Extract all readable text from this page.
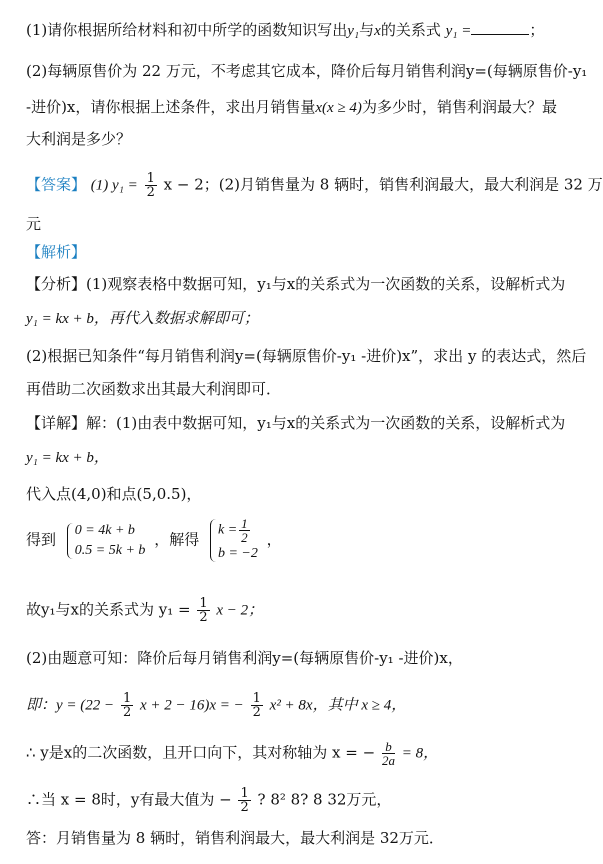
(1)请你根据所给材料和初中所学的函数知识写出y₁与x的关系式 y₁ =	；
(2)每辆原售价为 22 万元，不考虑其它成本，降价后每月销售利润y=(每辆原售价-y₁
-进价)x，请你根据上述条件，求出月销售量x(x ≥ 4)为多少时，销售利润最大？最
大利润是多少？
【答案】 (1) $y_1 = \frac{1}{2}$ x − 2；(2)月销售量为 8 辆时，销售利润最大，最大利润是 32 万
元
【解析】
【分析】(1)观察表格中数据可知，y₁与x的关系式为一次函数的关系，设解析式为
y₁ = kx + b，再代入数据求解即可；
(2)根据已知条件“每月销售利润y=(每辆原售价-y₁ -进价)x”，求出 y 的表达式，然后
再借助二次函数求出其最大利润即可．
【详解】解：(1)由表中数据可知，y₁与x的关系式为一次函数的关系，设解析式为
y₁ = kx + b，
代入点(4,0)和点(5,0.5)，
得到
0 = 4k + b
0.5 = 5k + b
，解得
$k = \frac{1}{2}$
b = −2
，
故y₁与x的关系式为 $y_1 = \frac{1}{2}$ x − 2；
(2)由题意可知：降价后每月销售利润y=(每辆原售价-y₁ -进价)x，
即：$y = (22 - \frac{1}{2}$ x + 2 − 16)x = − $\frac{1}{2} x^2 + 8x$，其中 x ≥ 4，
∴ y是x的二次函数，且开口向下，其对称轴为 x = − $\frac{b}{2a} = 8$，
∴当 x = 8时，y有最大值为 − $\frac{1}{2}$ ? 8² 8? 8 32万元，
答：月销售量为 8 辆时，销售利润最大，最大利润是 32万元．
